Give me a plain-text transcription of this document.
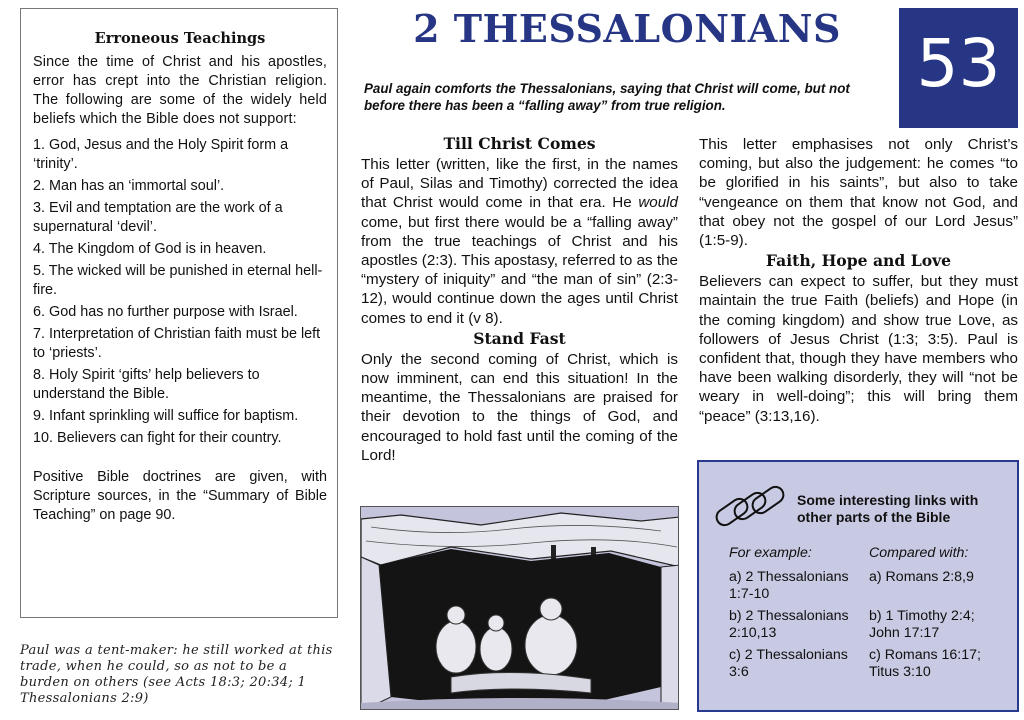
Erroneous Teachings
Since the time of Christ and his apostles, error has crept into the Christian religion. The following are some of the widely held beliefs which the Bible does not support:
1. God, Jesus and the Holy Spirit form a ‘trinity’.
2. Man has an ‘immortal soul’.
3. Evil and temptation are the work of a supernatural ‘devil’.
4. The Kingdom of God is in heaven.
5. The wicked will be punished in eternal hell-fire.
6. God has no further purpose with Israel.
7. Interpretation of Christian faith must be left to ‘priests’.
8. Holy Spirit ‘gifts’ help believers to understand the Bible.
9. Infant sprinkling will suffice for baptism.
10. Believers can fight for their country.
Positive Bible doctrines are given, with Scripture sources, in the “Summary of Bible Teaching” on page 90.
Paul was a tent-maker: he still worked at this trade, when he could, so as not to be a burden on others (see Acts 18:3; 20:34; 1 Thessalonians 2:9)
2 THESSALONIANS	53
Paul again comforts the Thessalonians, saying that Christ will come, but not before there has been a “falling away” from true religion.
Till Christ Comes
This letter (written, like the first, in the names of Paul, Silas and Timothy) corrected the idea that Christ would come in that era. He would come, but first there would be a “falling away” from the true teachings of Christ and his apostles (2:3). This apostasy, referred to as the “mystery of iniquity” and “the man of sin” (2:3-12), would continue down the ages until Christ comes to end it (v 8).
Stand Fast
Only the second coming of Christ, which is now imminent, can end this situation! In the meantime, the Thessalonians are praised for their devotion to the things of God, and encouraged to hold fast until the coming of the Lord!
This letter emphasises not only Christ’s coming, but also the judgement: he comes “to be glorified in his saints”, but also to take “vengeance on them that know not God, and that obey not the gospel of our Lord Jesus” (1:5-9).
Faith, Hope and Love
Believers can expect to suffer, but they must maintain the true Faith (beliefs) and Hope (in the coming kingdom) and show true Love, as followers of Jesus Christ (1:3; 3:5). Paul is confident that, though they have members who have been walking disorderly, they will “not be weary in well-doing”; this will bring them “peace” (3:13,16).
Some interesting links with other parts of the Bible
For example:	Compared with:
a) 2 Thessalonians 1:7-10
a) Romans 2:8,9
b) 2 Thessalonians 2:10,13
b) 1 Timothy 2:4; John 17:17
c) 2 Thessalonians 3:6
c) Romans 16:17; Titus 3:10
